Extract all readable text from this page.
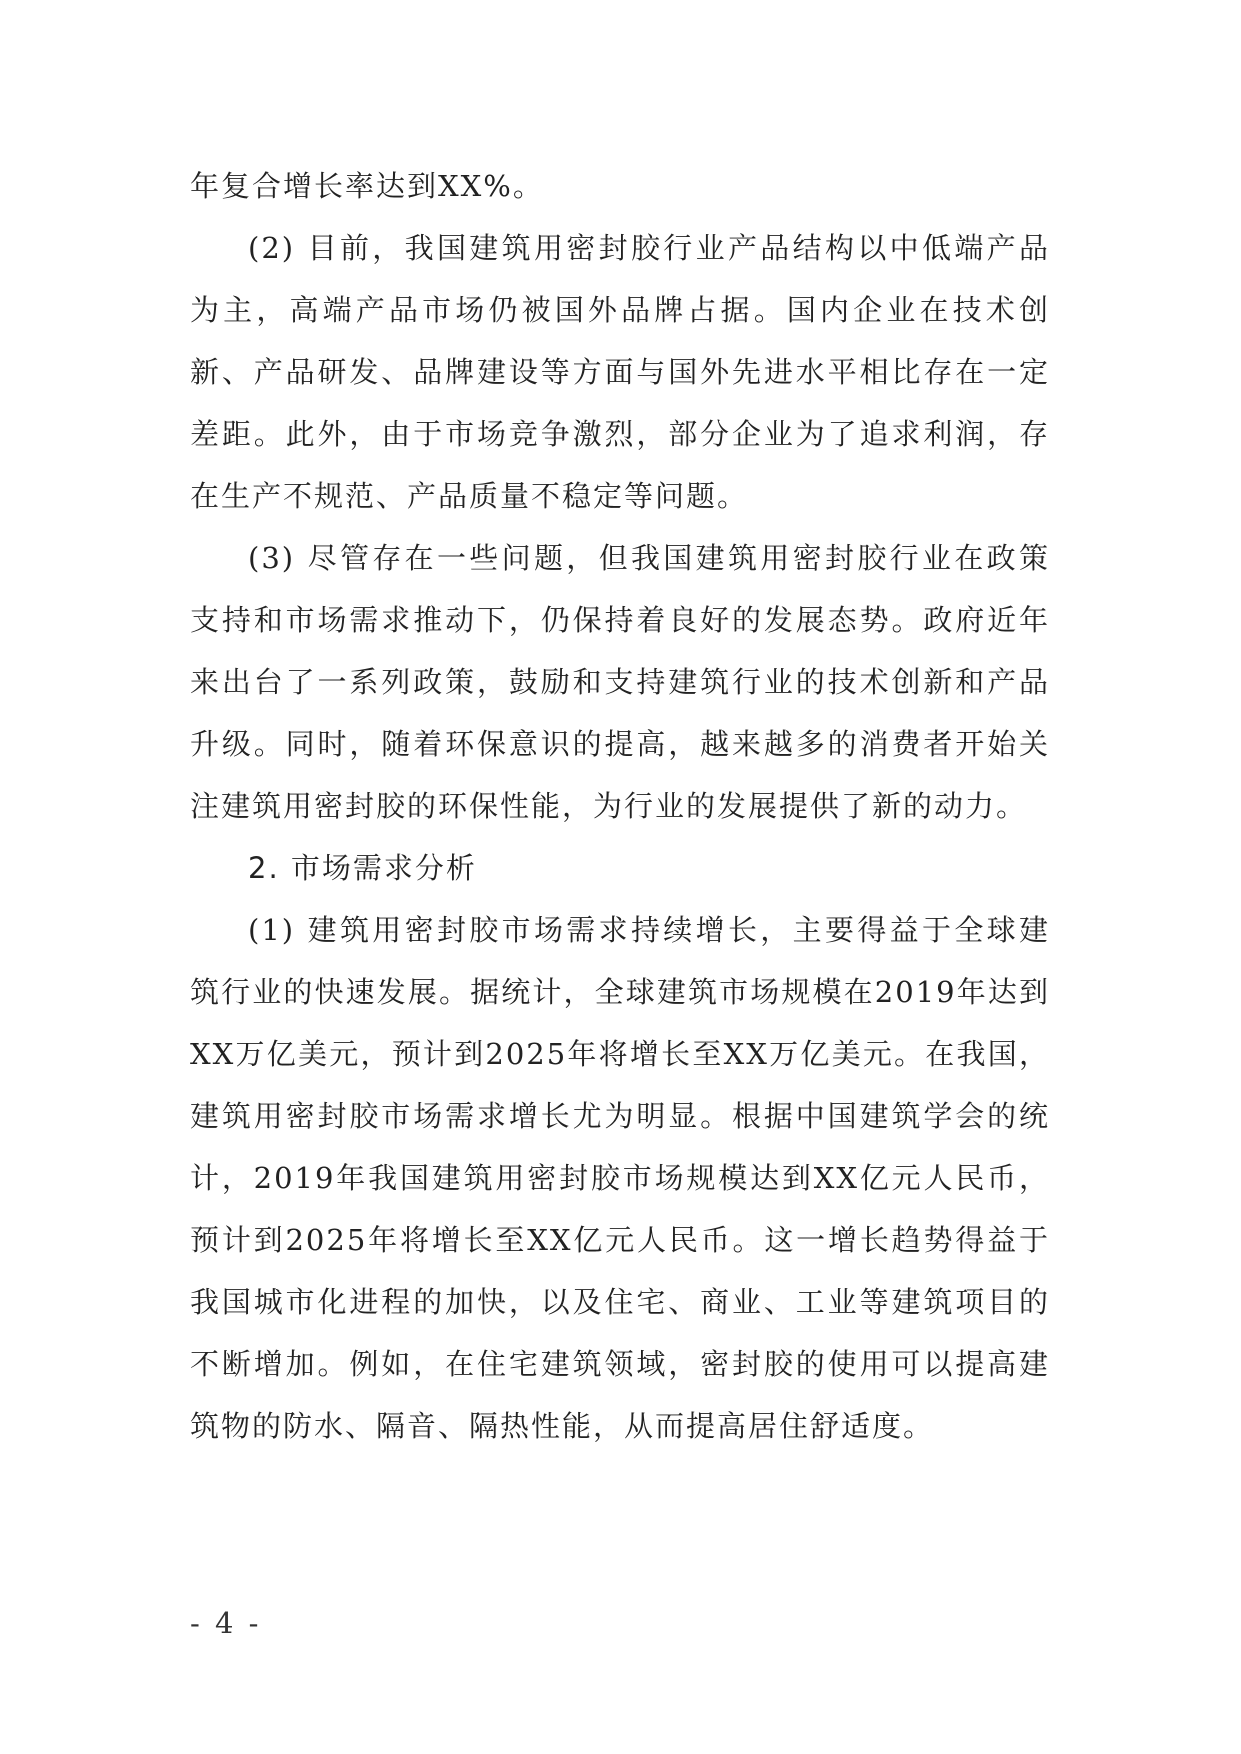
年复合增长率达到XX%。

(2) 目前，我国建筑用密封胶行业产品结构以中低端产品为主，高端产品市场仍被国外品牌占据。国内企业在技术创新、产品研发、品牌建设等方面与国外先进水平相比存在一定差距。此外，由于市场竞争激烈，部分企业为了追求利润，存在生产不规范、产品质量不稳定等问题。

(3) 尽管存在一些问题，但我国建筑用密封胶行业在政策支持和市场需求推动下，仍保持着良好的发展态势。政府近年来出台了一系列政策，鼓励和支持建筑行业的技术创新和产品升级。同时，随着环保意识的提高，越来越多的消费者开始关注建筑用密封胶的环保性能，为行业的发展提供了新的动力。

2. 市场需求分析

(1) 建筑用密封胶市场需求持续增长，主要得益于全球建筑行业的快速发展。据统计，全球建筑市场规模在2019年达到XX万亿美元，预计到2025年将增长至XX万亿美元。在我国，建筑用密封胶市场需求增长尤为明显。根据中国建筑学会的统计，2019年我国建筑用密封胶市场规模达到XX亿元人民币，预计到2025年将增长至XX亿元人民币。这一增长趋势得益于我国城市化进程的加快，以及住宅、商业、工业等建筑项目的不断增加。例如，在住宅建筑领域，密封胶的使用可以提高建筑物的防水、隔音、隔热性能，从而提高居住舒适度。

- 4 -
